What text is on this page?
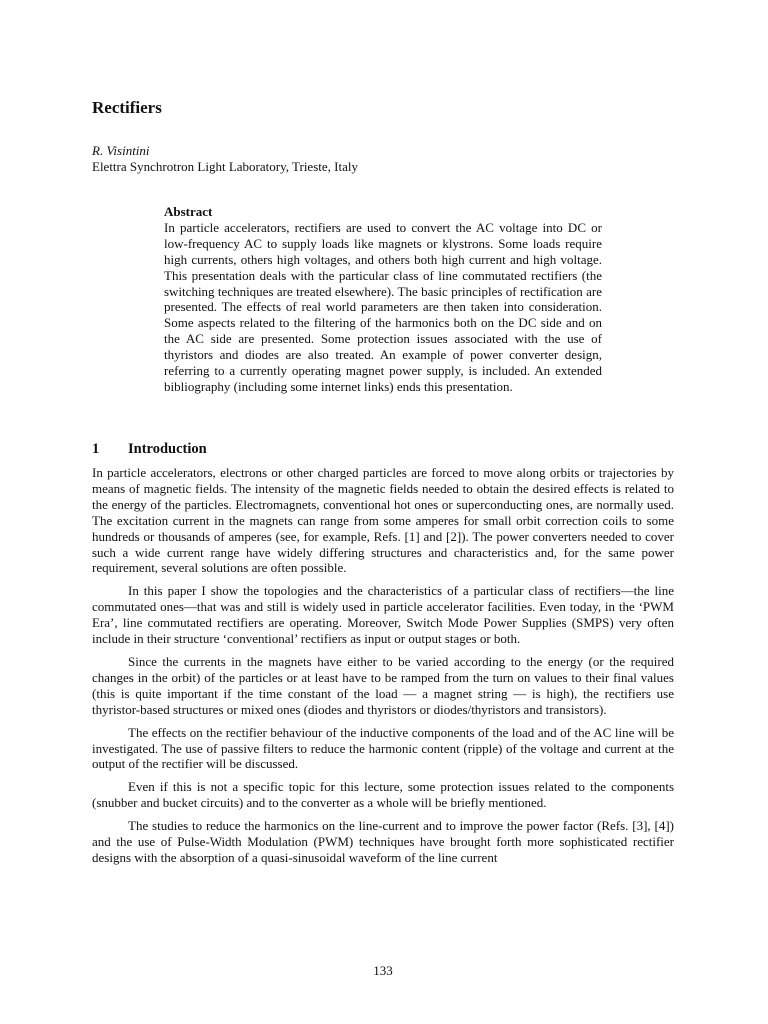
Rectifiers

R. Visintini

Elettra Synchrotron Light Laboratory, Trieste, Italy

Abstract

In particle accelerators, rectifiers are used to convert the AC voltage into DC or low-frequency AC to supply loads like magnets or klystrons. Some loads require high currents, others high voltages, and others both high current and high voltage. This presentation deals with the particular class of line commutated rectifiers (the switching techniques are treated elsewhere). The basic principles of rectification are presented. The effects of real world parameters are then taken into consideration. Some aspects related to the filtering of the harmonics both on the DC side and on the AC side are presented. Some protection issues associated with the use of thyristors and diodes are also treated. An example of power converter design, referring to a currently operating magnet power supply, is included. An extended bibliography (including some internet links) ends this presentation.

1 Introduction

In particle accelerators, electrons or other charged particles are forced to move along orbits or trajectories by means of magnetic fields. The intensity of the magnetic fields needed to obtain the desired effects is related to the energy of the particles. Electromagnets, conventional hot ones or superconducting ones, are normally used. The excitation current in the magnets can range from some amperes for small orbit correction coils to some hundreds or thousands of amperes (see, for example, Refs. [1] and [2]). The power converters needed to cover such a wide current range have widely differing structures and characteristics and, for the same power requirement, several solutions are often possible.

In this paper I show the topologies and the characteristics of a particular class of rectifiers—the line commutated ones—that was and still is widely used in particle accelerator facilities. Even today, in the ‘PWM Era’, line commutated rectifiers are operating. Moreover, Switch Mode Power Supplies (SMPS) very often include in their structure ‘conventional’ rectifiers as input or output stages or both.

Since the currents in the magnets have either to be varied according to the energy (or the required changes in the orbit) of the particles or at least have to be ramped from the turn on values to their final values (this is quite important if the time constant of the load — a magnet string — is high), the rectifiers use thyristor-based structures or mixed ones (diodes and thyristors or diodes/thyristors and transistors).

The effects on the rectifier behaviour of the inductive components of the load and of the AC line will be investigated. The use of passive filters to reduce the harmonic content (ripple) of the voltage and current at the output of the rectifier will be discussed.

Even if this is not a specific topic for this lecture, some protection issues related to the components (snubber and bucket circuits) and to the converter as a whole will be briefly mentioned.

The studies to reduce the harmonics on the line-current and to improve the power factor (Refs. [3], [4]) and the use of Pulse-Width Modulation (PWM) techniques have brought forth more sophisticated rectifier designs with the absorption of a quasi-sinusoidal waveform of the line current

133
